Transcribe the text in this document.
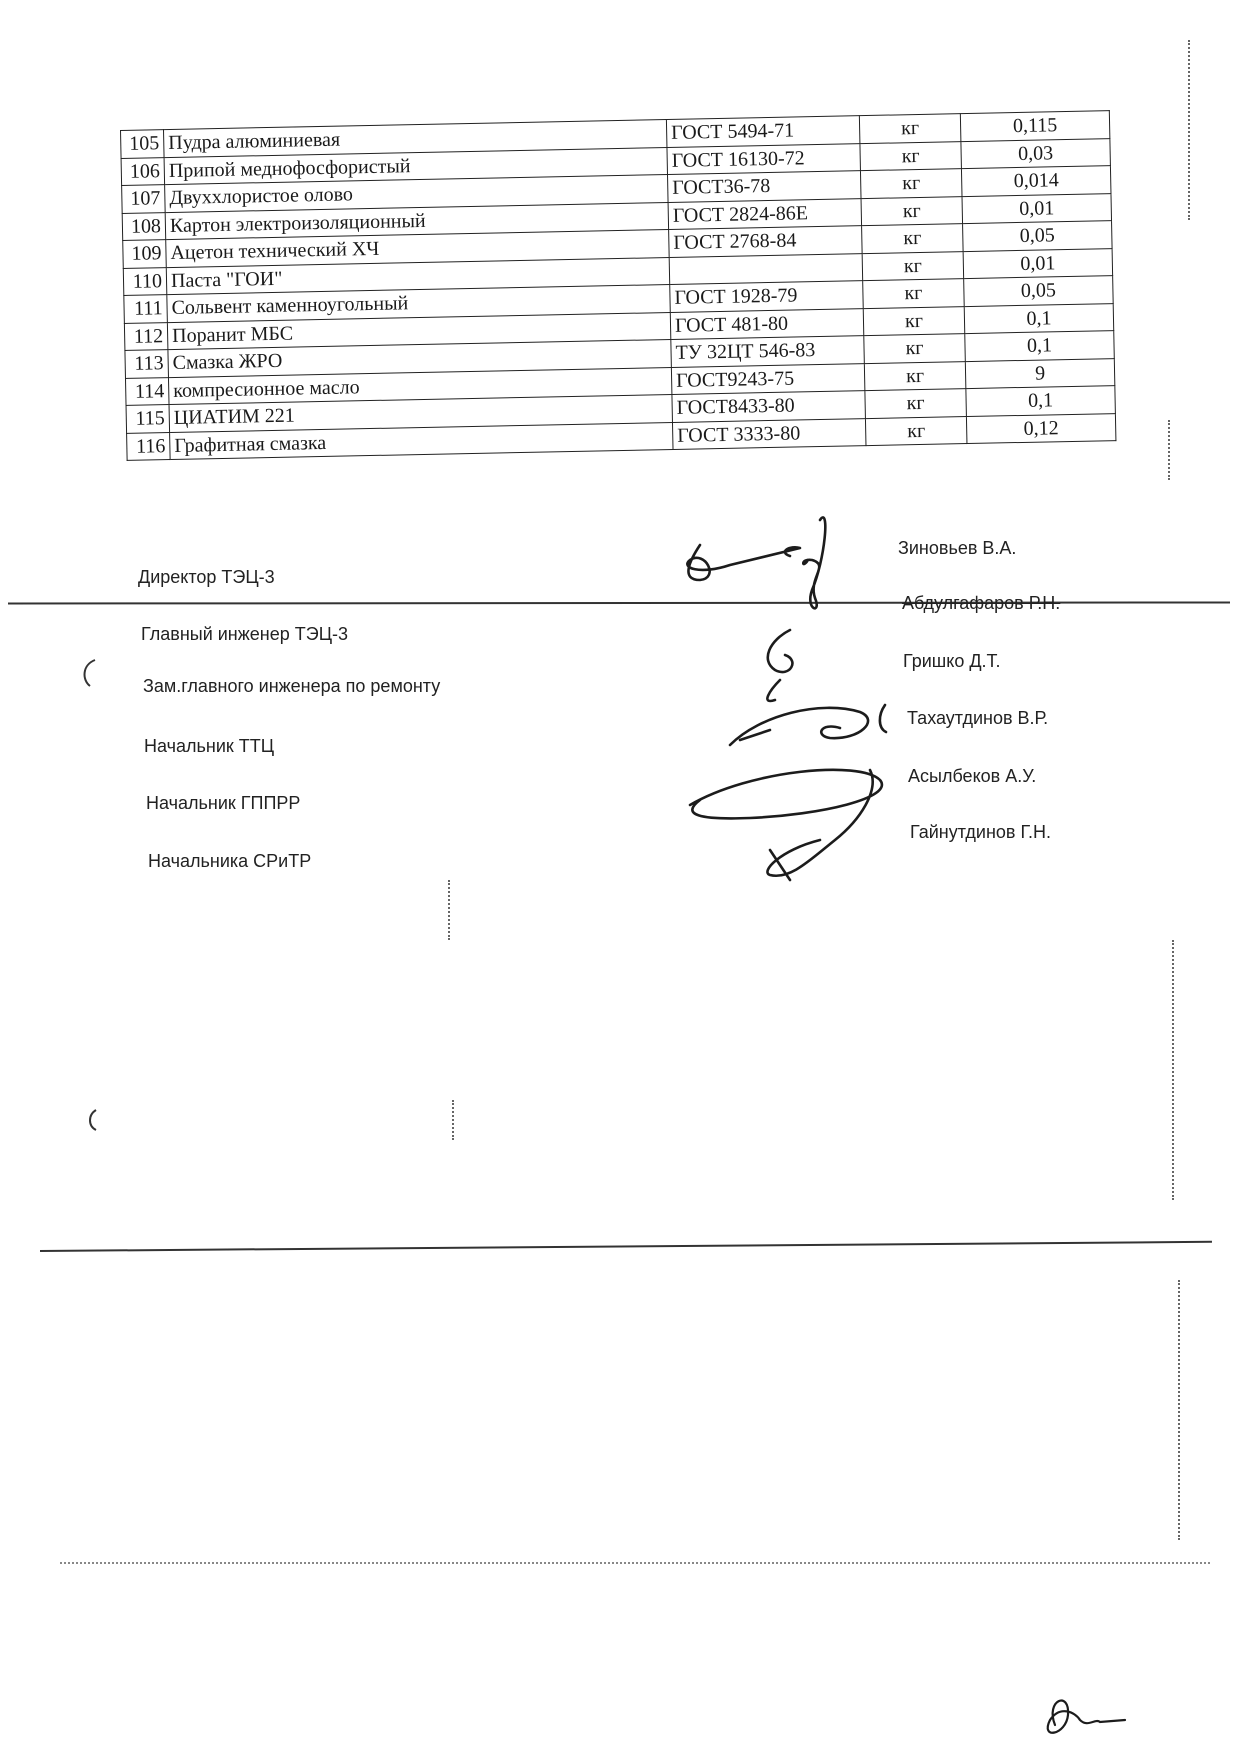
105	Пудра алюминиевая	ГОСТ 5494-71	кг	0,115
106	Припой меднофосфористый	ГОСТ 16130-72	кг	0,03
107	Двуххлористое олово	ГОСТ36-78	кг	0,014
108	Картон электроизоляционный	ГОСТ 2824-86Е	кг	0,01
109	Ацетон технический ХЧ	ГОСТ 2768-84	кг	0,05
110	Паста "ГОИ"		кг	0,01
111	Сольвент каменноугольный	ГОСТ 1928-79	кг	0,05
112	Поранит МБС	ГОСТ 481-80	кг	0,1
113	Смазка ЖРО	ТУ 32ЦТ 546-83	кг	0,1
114	компресионное масло	ГОСТ9243-75	кг	9
115	ЦИАТИМ 221	ГОСТ8433-80	кг	0,1
116	Графитная смазка	ГОСТ 3333-80	кг	0,12
Директор ТЭЦ-3
Главный инженер ТЭЦ-3
Зам.главного инженера по ремонту
Начальник ТТЦ
Начальник ГППРР
Начальника СРиТР
Зиновьев В.А.
Абдулгафаров Р.Н.
Гришко Д.Т.
Тахаутдинов В.Р.
Асылбеков А.У.
Гайнутдинов Г.Н.
